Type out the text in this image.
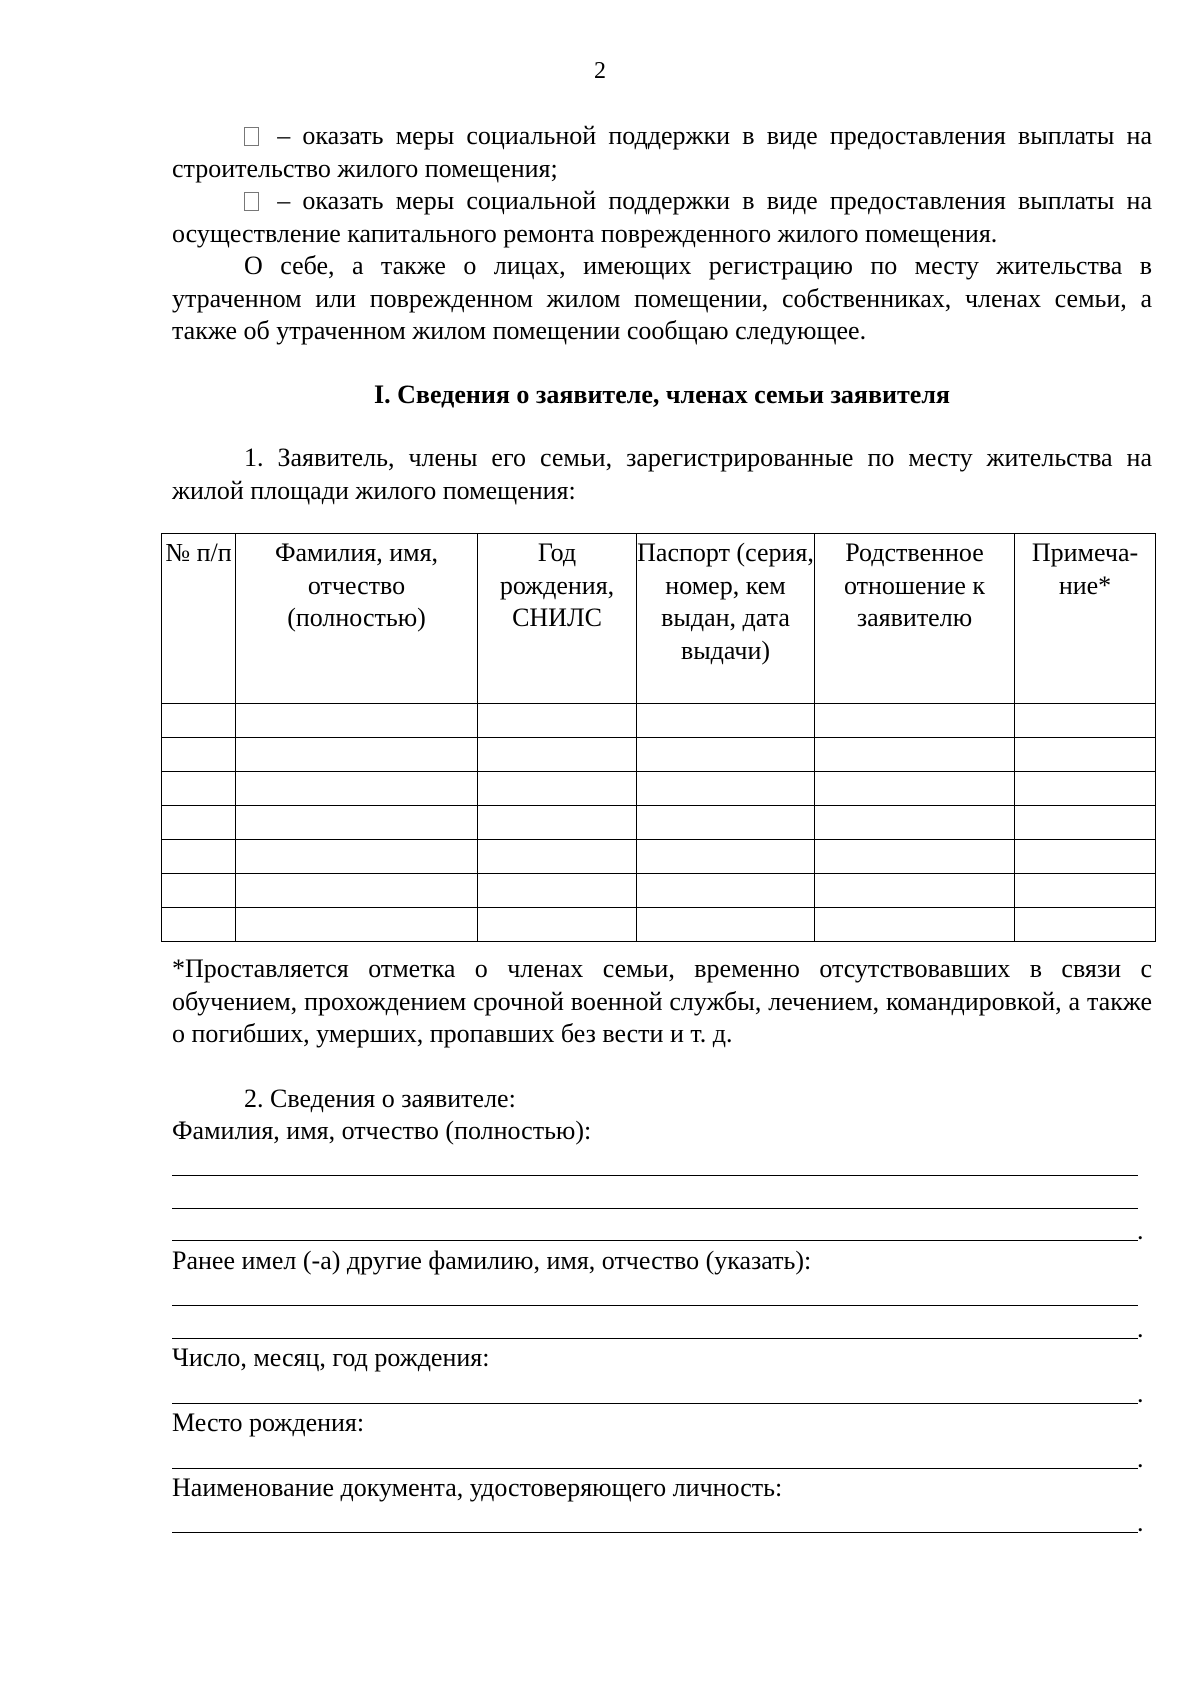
2
– оказать меры социальной поддержки в виде предоставления выплаты на строительство жилого помещения;
– оказать меры социальной поддержки в виде предоставления выплаты на осуществление капитального ремонта поврежденного жилого помещения.
О себе, а также о лицах, имеющих регистрацию по месту жительства в утраченном или поврежденном жилом помещении, собственниках, членах семьи, а также об утраченном жилом помещении сообщаю следующее.
I. Сведения о заявителе, членах семьи заявителя
1. Заявитель, члены его семьи, зарегистрированные по месту жительства на жилой площади жилого помещения:
№ п/п	Фамилия, имя, отчество (полностью)	Год рождения, СНИЛС	Паспорт (серия, номер, кем выдан, дата выдачи)	Родственное отношение к заявителю	Примеча-ние*

*Проставляется отметка о членах семьи, временно отсутствовавших в связи с обучением, прохождением срочной военной службы, лечением, командировкой, а также о погибших, умерших, пропавших без вести и т. д.
2. Сведения о заявителе:
Фамилия, имя, отчество (полностью):
.
Ранее имел (-а) другие фамилию, имя, отчество (указать):
.
Число, месяц, год рождения:
.
Место рождения:
.
Наименование документа, удостоверяющего личность:
.
